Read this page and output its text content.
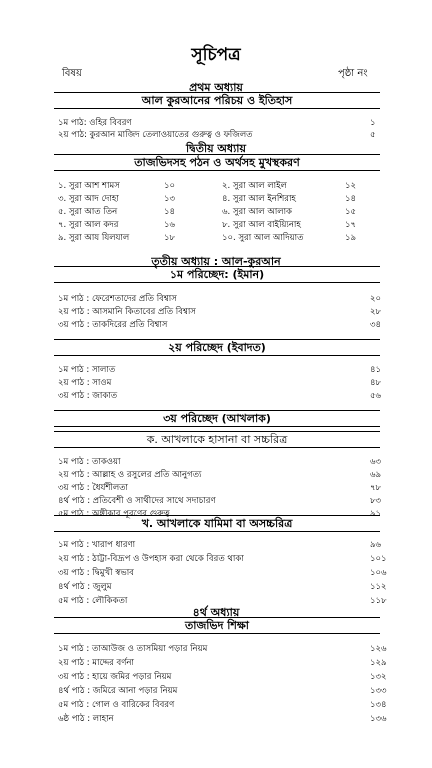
সূচিপত্র
বিষয়	পৃষ্ঠা নং
প্রথম অধ্যায়
আল কুরআনের পরিচয় ও ইতিহাস
১ম পাঠ: ওহির বিবরণ	১
২য় পাঠ: কুরআন মাজিদ তেলাওয়াতের গুরুত্ব ও ফজিলত	৫
দ্বিতীয় অধ্যায়
তাজভিদসহ পঠন ও অর্থসহ মুখস্থকরণ
১. সুরা আশ শামস	১০	২. সুরা আল লাইল	১২
৩. সুরা আদ দোহা	১৩	৪. সুরা আল ইনশিরাহ	১৪
৫. সুরা আত তিন	১৪	৬. সুরা আল আলাক	১৫
৭. সুরা আল কদর	১৬	৮. সুরা আল বাইয়্যিনাহ	১৭
৯. সুরা আয যিলযাল	১৮	১০. সুরা আল আদিয়াত	১৯
তৃতীয় অধ্যায় : আল-কুরআন
১ম পরিচ্ছেদ: (ইমান)
১ম পাঠ : ফেরেশতাদের প্রতি বিশ্বাস	২০
২য় পাঠ : আসমানি কিতাবের প্রতি বিশ্বাস	২৮
৩য় পাঠ : তাকদিরের প্রতি বিশ্বাস	৩৪
২য় পরিচ্ছেদ (ইবাদত)
১ম পাঠ : সালাত	৪১
২য় পাঠ : সাওম	৪৮
৩য় পাঠ : জাকাত	৫৬
৩য় পরিচ্ছেদ (আখলাক)
ক. আখলাকে হাসানা বা সচ্চরিত্র
১ম পাঠ : তাকওয়া	৬৩
২য় পাঠ : আল্লাহ ও রসুলের প্রতি আনুগত্য	৬৯
৩য় পাঠ : ধৈর্যশীলতা	৭৮
৪র্থ পাঠ : প্রতিবেশী ও সাথীদের সাথে সদাচারণ	৮৩
৫ম পাঠ : অঙ্গীকার পূরণের গুরুত্ব	৯১
খ. আখলাকে যামিমা বা অসচ্চরিত্র
১ম পাঠ : খারাপ ধারণা	৯৬
২য় পাঠ : ঠাট্টা-বিদ্রূপ ও উপহাস করা থেকে বিরত থাকা	১০১
৩য় পাঠ : দ্বিমুখী স্বভাব	১০৬
৪র্থ পাঠ : জুলুম	১১২
৫ম পাঠ : লৌকিকতা	১১৮
৪র্থ অধ্যায়
তাজভিদ শিক্ষা
১ম পাঠ : তাআউজ ও তাসমিয়া পড়ার নিয়ম	১২৬
২য় পাঠ : মাদ্দের বর্ণনা	১২৯
৩য় পাঠ : হায়ে জমির পড়ার নিয়ম	১৩২
৪র্থ পাঠ : জমিরে আনা পড়ার নিয়ম	১৩৩
৫ম পাঠ : গোল ও বারিকের বিবরণ	১৩৪
৬ষ্ঠ পাঠ : লাহান	১৩৬
